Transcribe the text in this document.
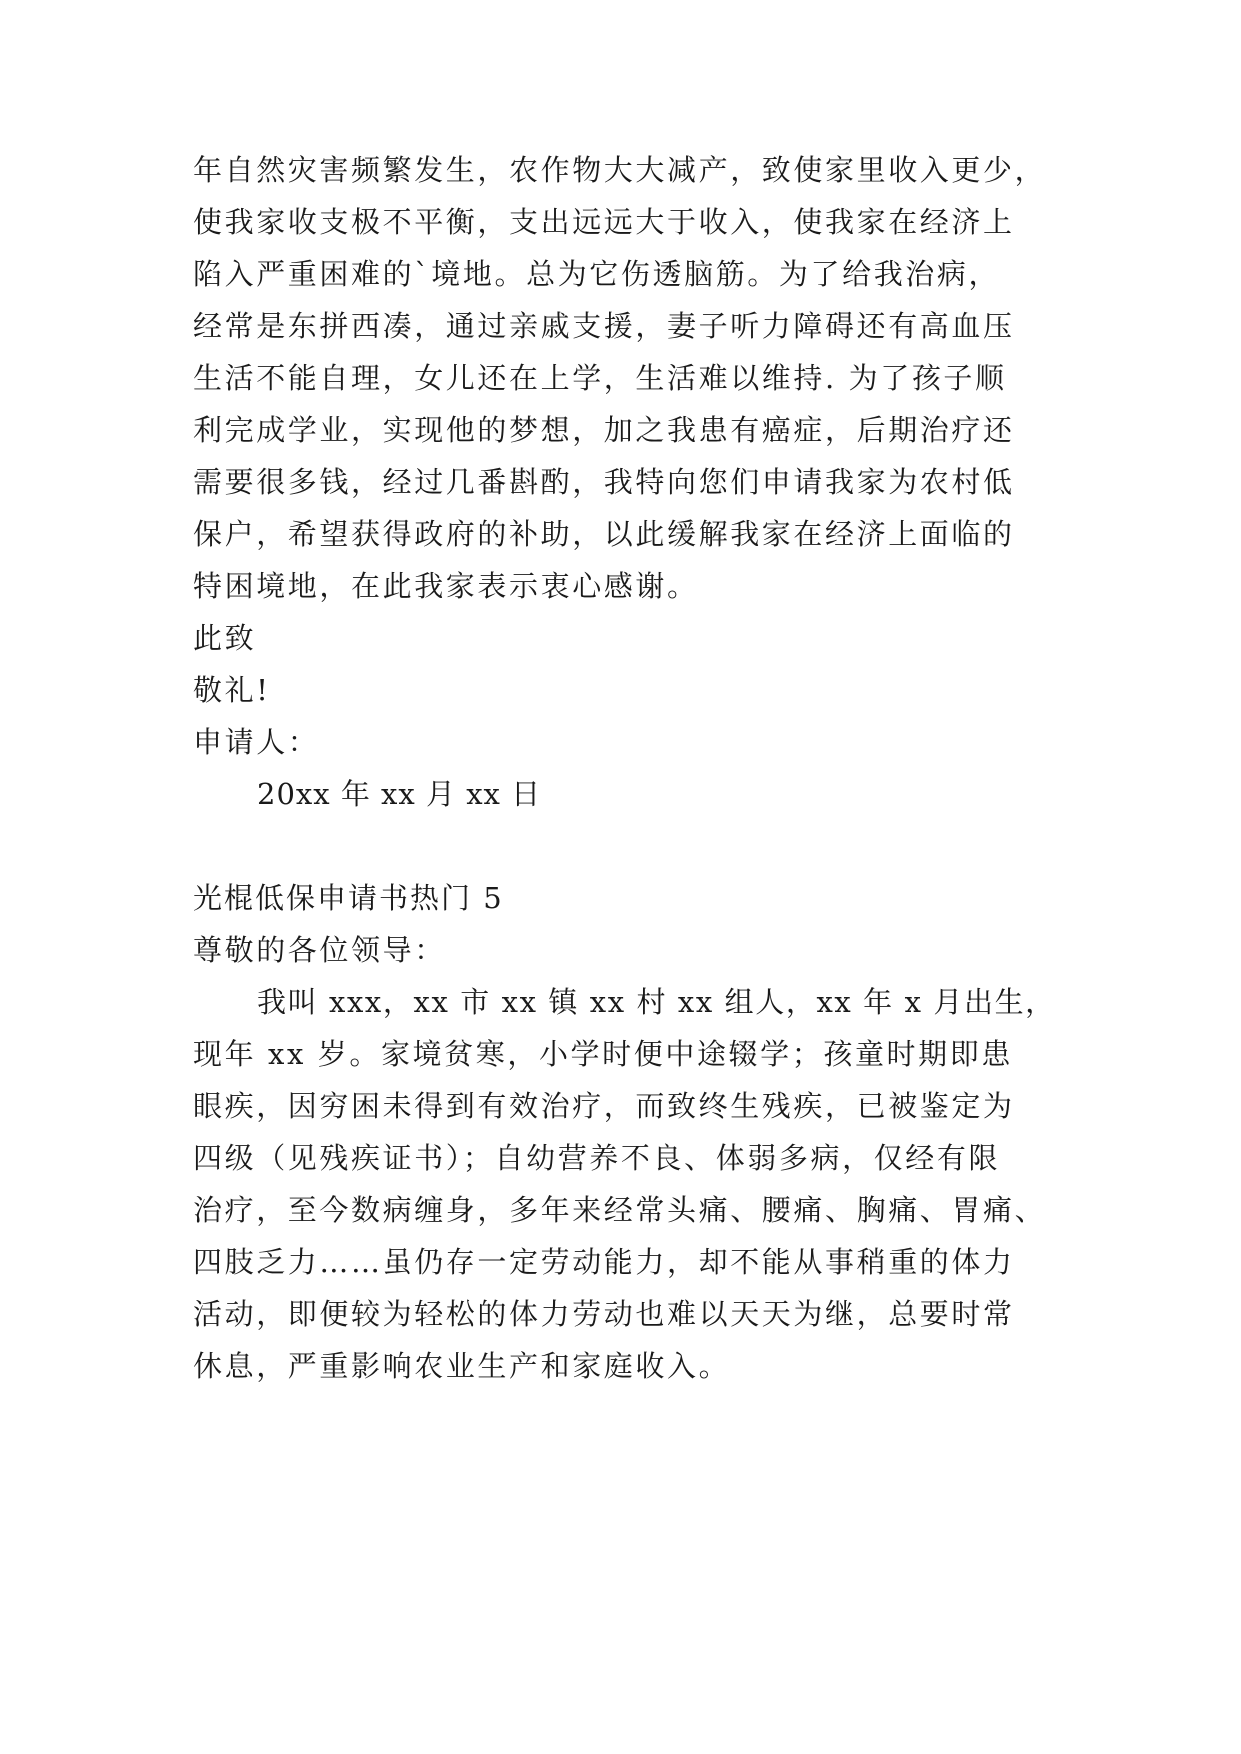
年自然灾害频繁发生，农作物大大减产，致使家里收入更少，
使我家收支极不平衡，支出远远大于收入，使我家在经济上
陷入严重困难的`境地。总为它伤透脑筋。为了给我治病，
经常是东拼西凑，通过亲戚支援，妻子听力障碍还有高血压
生活不能自理，女儿还在上学，生活难以维持. 为了孩子顺
利完成学业，实现他的梦想，加之我患有癌症，后期治疗还
需要很多钱，经过几番斟酌，我特向您们申请我家为农村低
保户，希望获得政府的补助，以此缓解我家在经济上面临的
特困境地，在此我家表示衷心感谢。
此致
敬礼!
申请人：
20xx 年 xx 月 xx 日
光棍低保申请书热门 5
尊敬的各位领导：
我叫 xxx，xx 市 xx 镇 xx 村 xx 组人，xx 年 x 月出生，
现年 xx 岁。家境贫寒，小学时便中途辍学；孩童时期即患
眼疾，因穷困未得到有效治疗，而致终生残疾，已被鉴定为
四级（见残疾证书）；自幼营养不良、体弱多病，仅经有限
治疗，至今数病缠身，多年来经常头痛、腰痛、胸痛、胃痛、
四肢乏力……虽仍存一定劳动能力，却不能从事稍重的体力
活动，即便较为轻松的体力劳动也难以天天为继，总要时常
休息，严重影响农业生产和家庭收入。
